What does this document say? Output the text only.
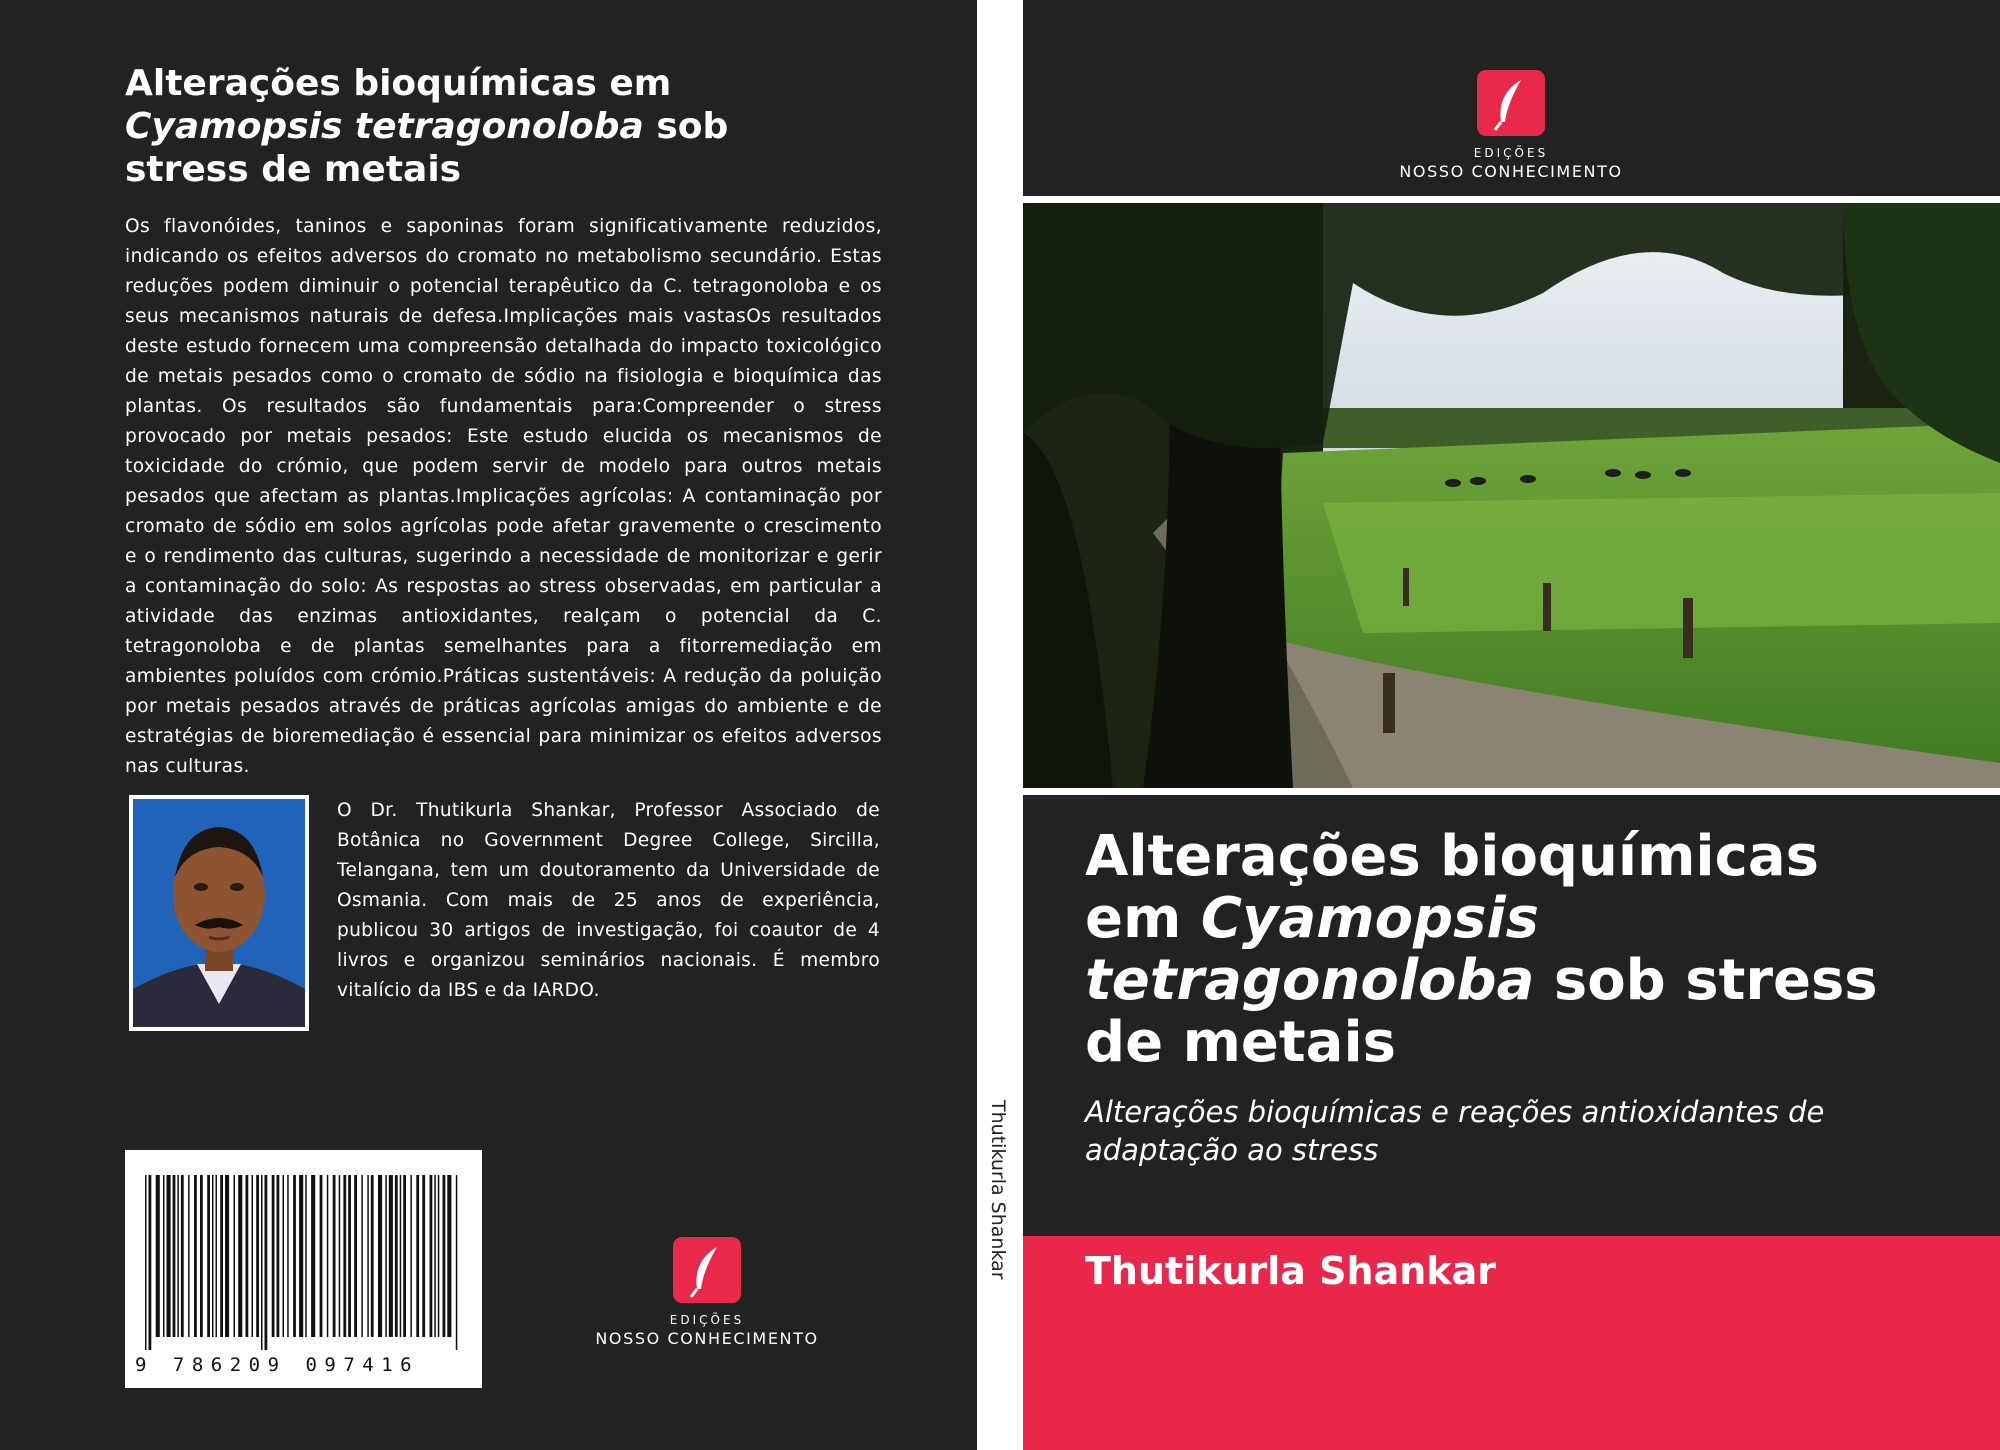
Alterações bioquímicas em
Cyamopsis tetragonoloba sob stress de metais

Os flavonóides, taninos e saponinas foram significativamente reduzidos, indicando os efeitos adversos do cromato no metabolismo secundário. Estas reduções podem diminuir o potencial terapêutico da C. tetragonoloba e os seus mecanismos naturais de defesa.Implicações mais vastasOs resultados deste estudo fornecem uma compreensão detalhada do impacto toxicológico de metais pesados como o cromato de sódio na fisiologia e bioquímica das plantas. Os resultados são fundamentais para:Compreender o stress provocado por metais pesados: Este estudo elucida os mecanismos de toxicidade do crómio, que podem servir de modelo para outros metais pesados que afectam as plantas.Implicações agrícolas: A contaminação por cromato de sódio em solos agrícolas pode afetar gravemente o crescimento e o rendimento das culturas, sugerindo a necessidade de monitorizar e gerir a contaminação do solo: As respostas ao stress observadas, em particular a atividade das enzimas antioxidantes, realçam o potencial da C. tetragonoloba e de plantas semelhantes para a fitorremediação em ambientes poluídos com crómio.Práticas sustentáveis: A redução da poluição por metais pesados através de práticas agrícolas amigas do ambiente e de estratégias de bioremediação é essencial para minimizar os efeitos adversos nas culturas.

O Dr. Thutikurla Shankar, Professor Associado de Botânica no Government Degree College, Sircilla, Telangana, tem um doutoramento da Universidade de Osmania. Com mais de 25 anos de experiência, publicou 30 artigos de investigação, foi coautor de 4 livros e organizou seminários nacionais. É membro vitalício da IBS e da IARDO.

9 786209 097416

EDIÇÕES
NOSSO CONHECIMENTO
EDIÇÕES
NOSSO CONHECIMENTO
Alterações bioquímicas
em Cyamopsis tetragonoloba sob stress de metais

Alterações bioquímicas e reações antioxidantes de adaptação ao stress

Thutikurla Shankar
